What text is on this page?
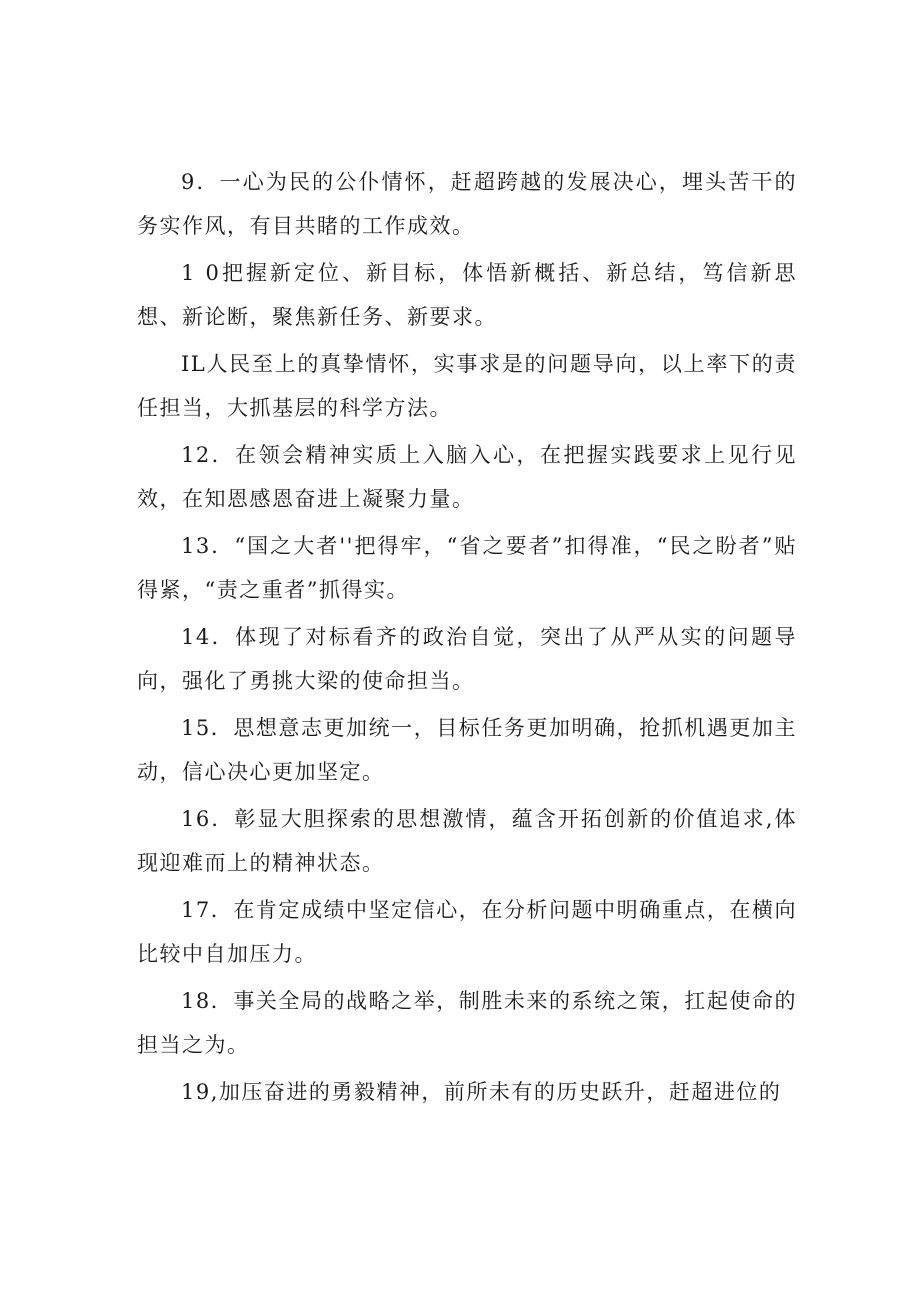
9．一心为民的公仆情怀，赶超跨越的发展决心，埋头苦干的务实作风，有目共睹的工作成效。

1 0把握新定位、新目标，体悟新概括、新总结，笃信新思想、新论断，聚焦新任务、新要求。

IL人民至上的真挚情怀，实事求是的问题导向，以上率下的责任担当，大抓基层的科学方法。

12．在领会精神实质上入脑入心，在把握实践要求上见行见效，在知恩感恩奋进上凝聚力量。

13．“国之大者''把得牢，“省之要者”扣得准，“民之盼者”贴得紧，“责之重者”抓得实。

14．体现了对标看齐的政治自觉，突出了从严从实的问题导向，强化了勇挑大梁的使命担当。

15．思想意志更加统一，目标任务更加明确，抢抓机遇更加主动，信心决心更加坚定。

16．彰显大胆探索的思想激情，蕴含开拓创新的价值追求,体现迎难而上的精神状态。

17．在肯定成绩中坚定信心，在分析问题中明确重点，在横向比较中自加压力。

18．事关全局的战略之举，制胜未来的系统之策，扛起使命的担当之为。

19,加压奋进的勇毅精神，前所未有的历史跃升，赶超进位的
